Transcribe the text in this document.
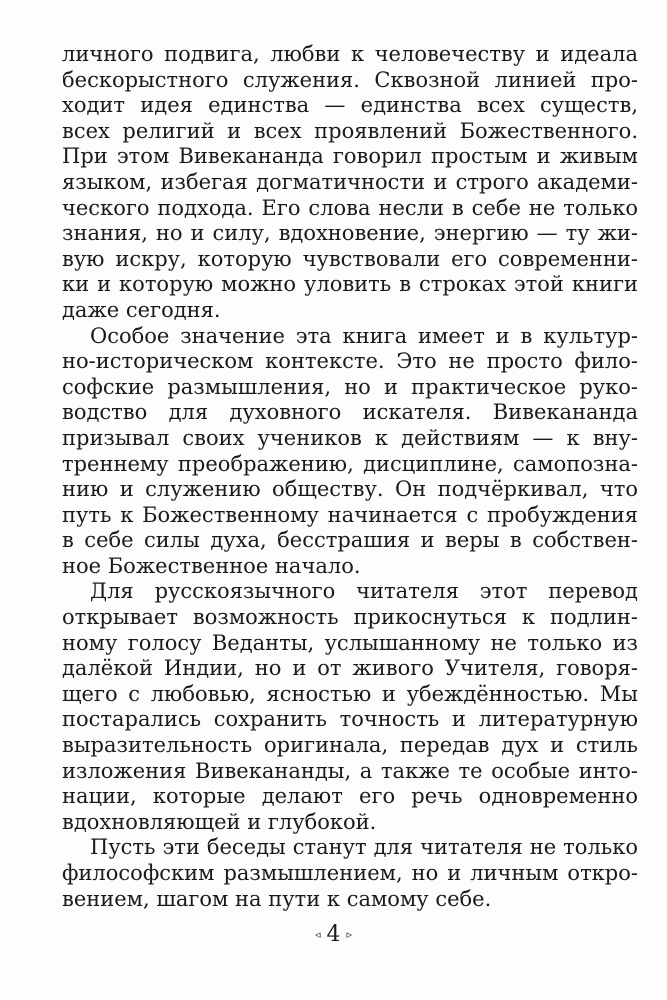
личного подвига, любви к человечеству и идеала
бескорыстного служения. Сквозной линией про-
ходит идея единства — единства всех существ,
всех религий и всех проявлений Божественного.
При этом Вивекананда говорил простым и живым
языком, избегая догматичности и строго академи-
ческого подхода. Его слова несли в себе не только
знания, но и силу, вдохновение, энергию — ту жи-
вую искру, которую чувствовали его современни-
ки и которую можно уловить в строках этой книги
даже сегодня.
Особое значение эта книга имеет и в культур-
но-историческом контексте. Это не просто фило-
софские размышления, но и практическое руко-
водство для духовного искателя. Вивекананда
призывал своих учеников к действиям — к вну-
треннему преображению, дисциплине, самопозна-
нию и служению обществу. Он подчёркивал, что
путь к Божественному начинается с пробуждения
в себе силы духа, бесстрашия и веры в собствен-
ное Божественное начало.
Для русскоязычного читателя этот перевод
открывает возможность прикоснуться к подлин-
ному голосу Веданты, услышанному не только из
далёкой Индии, но и от живого Учителя, говоря-
щего с любовью, ясностью и убеждённостью. Мы
постарались сохранить точность и литературную
выразительность оригинала, передав дух и стиль
изложения Вивекананды, а также те особые инто-
нации, которые делают его речь одновременно
вдохновляющей и глубокой.
Пусть эти беседы станут для читателя не только
философским размышлением, но и личным откро-
вением, шагом на пути к самому себе.
◃ 4 ▹
